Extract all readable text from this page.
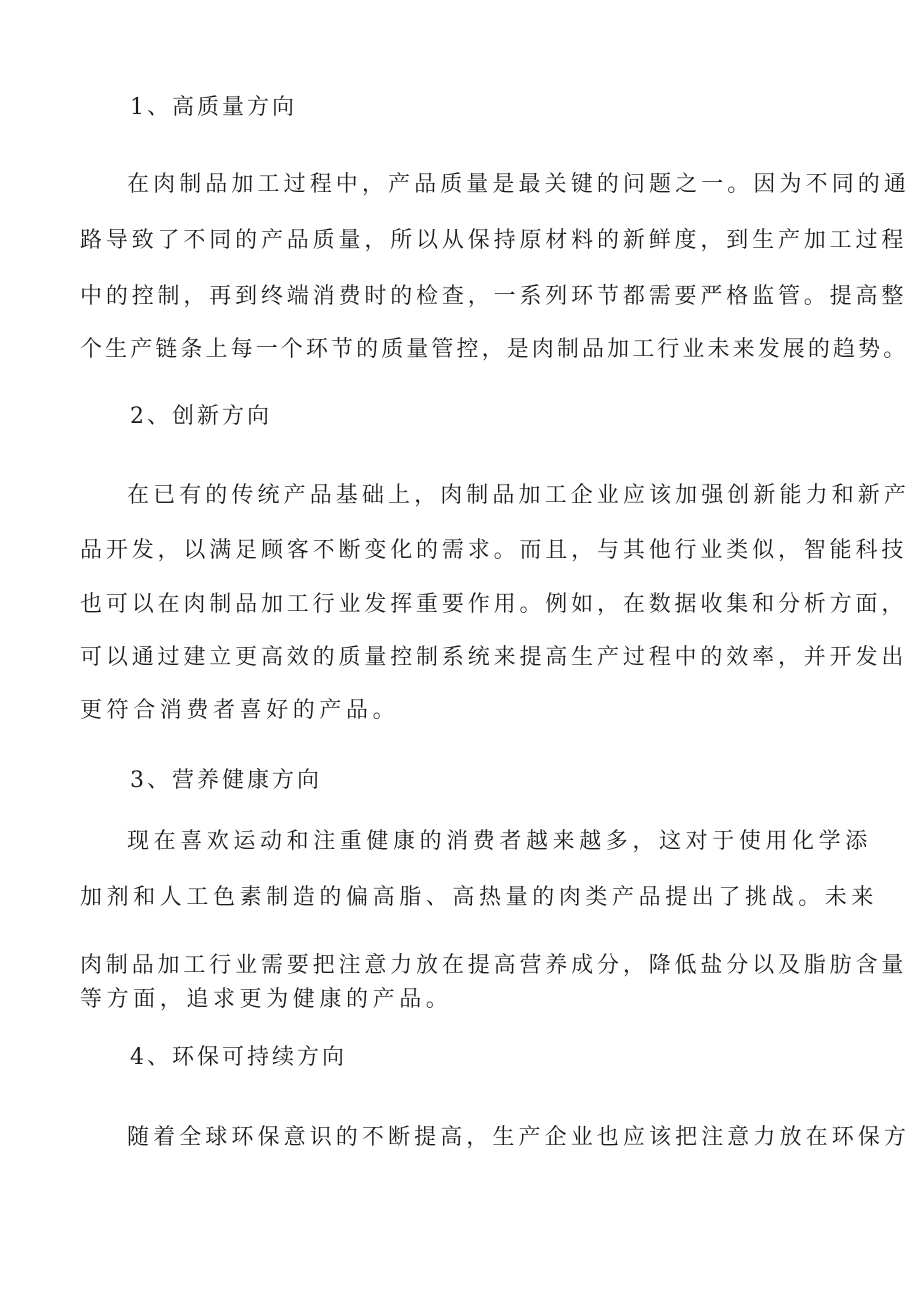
1、高质量方向
在肉制品加工过程中，产品质量是最关键的问题之一。因为不同的通
路导致了不同的产品质量，所以从保持原材料的新鲜度，到生产加工过程
中的控制，再到终端消费时的检查，一系列环节都需要严格监管。提高整
个生产链条上每一个环节的质量管控，是肉制品加工行业未来发展的趋势。
2、创新方向
在已有的传统产品基础上，肉制品加工企业应该加强创新能力和新产
品开发，以满足顾客不断变化的需求。而且，与其他行业类似，智能科技
也可以在肉制品加工行业发挥重要作用。例如，在数据收集和分析方面，
可以通过建立更高效的质量控制系统来提高生产过程中的效率，并开发出
更符合消费者喜好的产品。
3、营养健康方向
现在喜欢运动和注重健康的消费者越来越多，这对于使用化学添
加剂和人工色素制造的偏高脂、高热量的肉类产品提出了挑战。未来
肉制品加工行业需要把注意力放在提高营养成分，降低盐分以及脂肪含量
等方面，追求更为健康的产品。
4、环保可持续方向
随着全球环保意识的不断提高，生产企业也应该把注意力放在环保方
